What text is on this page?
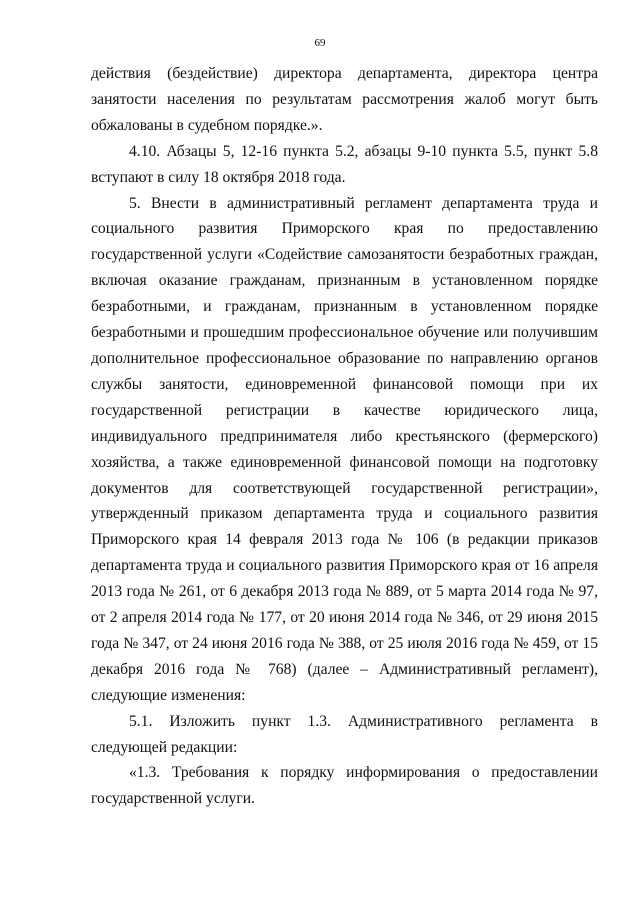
69

действия (бездействие) директора департамента, директора центра занятости населения по результатам рассмотрения жалоб могут быть обжалованы в судебном порядке.».

4.10. Абзацы 5, 12-16 пункта 5.2, абзацы 9-10 пункта 5.5, пункт 5.8 вступают в силу 18 октября 2018 года.

5. Внести в административный регламент департамента труда и социального развития Приморского края по предоставлению государственной услуги «Содействие самозанятости безработных граждан, включая оказание гражданам, признанным в установленном порядке безработными, и гражданам, признанным в установленном порядке безработными и прошедшим профессиональное обучение или получившим дополнительное профессиональное образование по направлению органов службы занятости, единовременной финансовой помощи при их государственной регистрации в качестве юридического лица, индивидуального предпринимателя либо крестьянского (фермерского) хозяйства, а также единовременной финансовой помощи на подготовку документов для соответствующей государственной регистрации», утвержденный приказом департамента труда и социального развития Приморского края 14 февраля 2013 года № 106 (в редакции приказов департамента труда и социального развития Приморского края от 16 апреля 2013 года № 261, от 6 декабря 2013 года № 889, от 5 марта 2014 года № 97, от 2 апреля 2014 года № 177, от 20 июня 2014 года № 346, от 29 июня 2015 года № 347, от 24 июня 2016 года № 388, от 25 июля 2016 года № 459, от 15 декабря 2016 года № 768) (далее – Административный регламент), следующие изменения:

5.1. Изложить пункт 1.3. Административного регламента в следующей редакции:

«1.3. Требования к порядку информирования о предоставлении государственной услуги.
